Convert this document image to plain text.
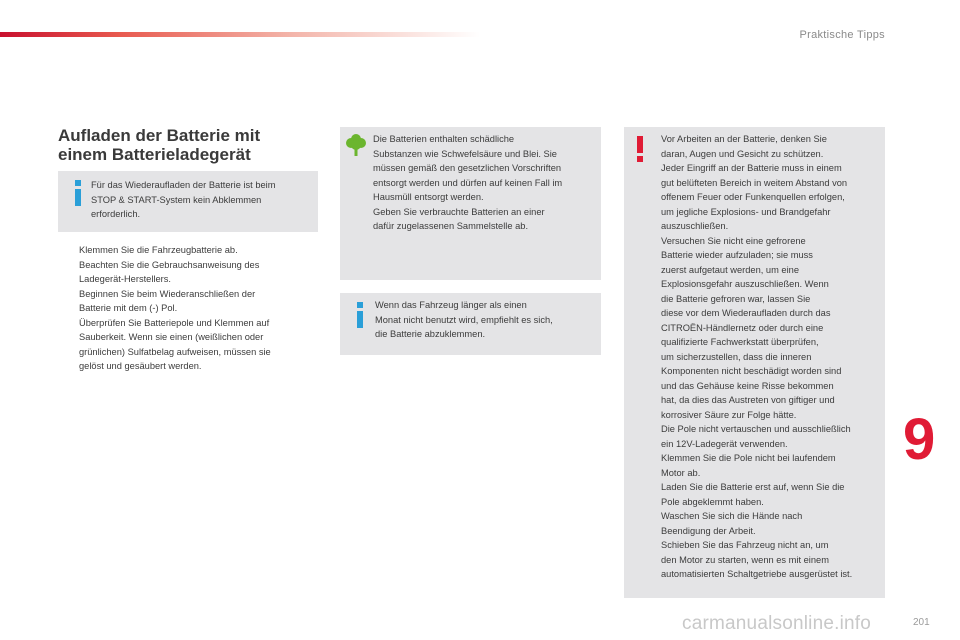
Praktische Tipps
Aufladen der Batterie mit
einem Batterieladegerät
Für das Wiederaufladen der Batterie ist beim
STOP & START-System kein Abklemmen
erforderlich.
Klemmen Sie die Fahrzeugbatterie ab.
Beachten Sie die Gebrauchsanweisung des
Ladegerät-Herstellers.
Beginnen Sie beim Wiederanschließen der
Batterie mit dem (-) Pol.
Überprüfen Sie Batteriepole und Klemmen auf
Sauberkeit. Wenn sie einen (weißlichen oder
grünlichen) Sulfatbelag aufweisen, müssen sie
gelöst und gesäubert werden.
Die Batterien enthalten schädliche
Substanzen wie Schwefelsäure und Blei. Sie
müssen gemäß den gesetzlichen Vorschriften
entsorgt werden und dürfen auf keinen Fall im
Hausmüll entsorgt werden.
Geben Sie verbrauchte Batterien an einer
dafür zugelassenen Sammelstelle ab.
Wenn das Fahrzeug länger als einen
Monat nicht benutzt wird, empfiehlt es sich,
die Batterie abzuklemmen.
Vor Arbeiten an der Batterie, denken Sie
daran, Augen und Gesicht zu schützen.
Jeder Eingriff an der Batterie muss in einem
gut belüfteten Bereich in weitem Abstand von
offenem Feuer oder Funkenquellen erfolgen,
um jegliche Explosions- und Brandgefahr
auszuschließen.
Versuchen Sie nicht eine gefrorene
Batterie wieder aufzuladen; sie muss
zuerst aufgetaut werden, um eine
Explosionsgefahr auszuschließen. Wenn
die Batterie gefroren war, lassen Sie
diese vor dem Wiederaufladen durch das
CITROËN-Händlernetz oder durch eine
qualifizierte Fachwerkstatt überprüfen,
um sicherzustellen, dass die inneren
Komponenten nicht beschädigt worden sind
und das Gehäuse keine Risse bekommen
hat, da dies das Austreten von giftiger und
korrosiver Säure zur Folge hätte.
Die Pole nicht vertauschen und ausschließlich
ein 12V-Ladegerät verwenden.
Klemmen Sie die Pole nicht bei laufendem
Motor ab.
Laden Sie die Batterie erst auf, wenn Sie die
Pole abgeklemmt haben.
Waschen Sie sich die Hände nach
Beendigung der Arbeit.
Schieben Sie das Fahrzeug nicht an, um
den Motor zu starten, wenn es mit einem
automatisierten Schaltgetriebe ausgerüstet ist.
9
carmanualsonline.info	201
